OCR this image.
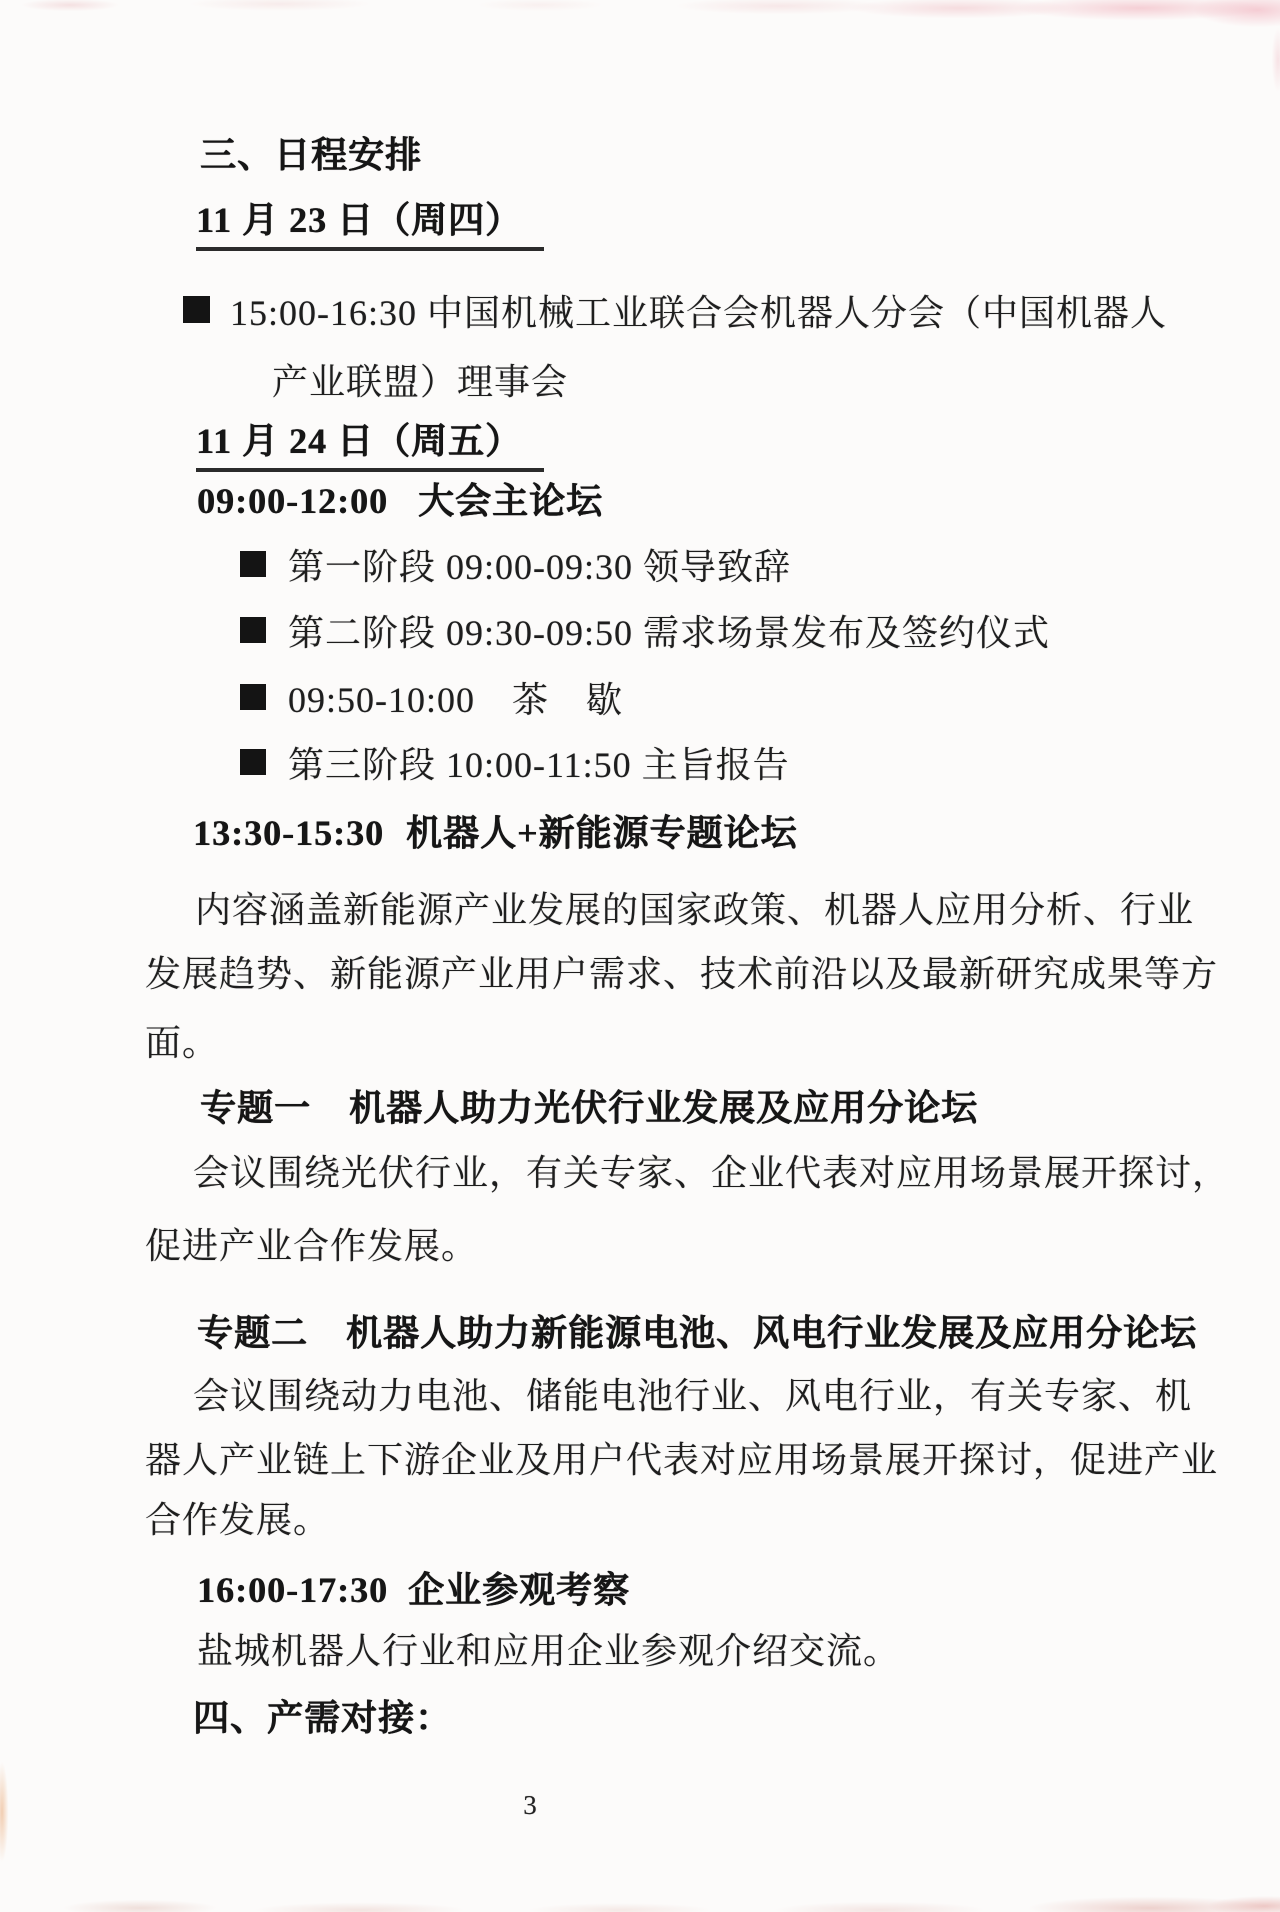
三、日程安排
11 月 23 日（周四）
15:00-16:30 中国机械工业联合会机器人分会（中国机器人
产业联盟）理事会
11 月 24 日（周五）
09:00-12:00 大会主论坛
第一阶段 09:00-09:30 领导致辞
第二阶段 09:30-09:50 需求场景发布及签约仪式
09:50-10:00　茶　歇
第三阶段 10:00-11:50 主旨报告
13:30-15:30 机器人+新能源专题论坛
内容涵盖新能源产业发展的国家政策、机器人应用分析、行业
发展趋势、新能源产业用户需求、技术前沿以及最新研究成果等方
面。
专题一 机器人助力光伏行业发展及应用分论坛
会议围绕光伏行业，有关专家、企业代表对应用场景展开探讨，
促进产业合作发展。
专题二 机器人助力新能源电池、风电行业发展及应用分论坛
会议围绕动力电池、储能电池行业、风电行业，有关专家、机
器人产业链上下游企业及用户代表对应用场景展开探讨，促进产业
合作发展。
16:00-17:30 企业参观考察
盐城机器人行业和应用企业参观介绍交流。
四、产需对接：
3
